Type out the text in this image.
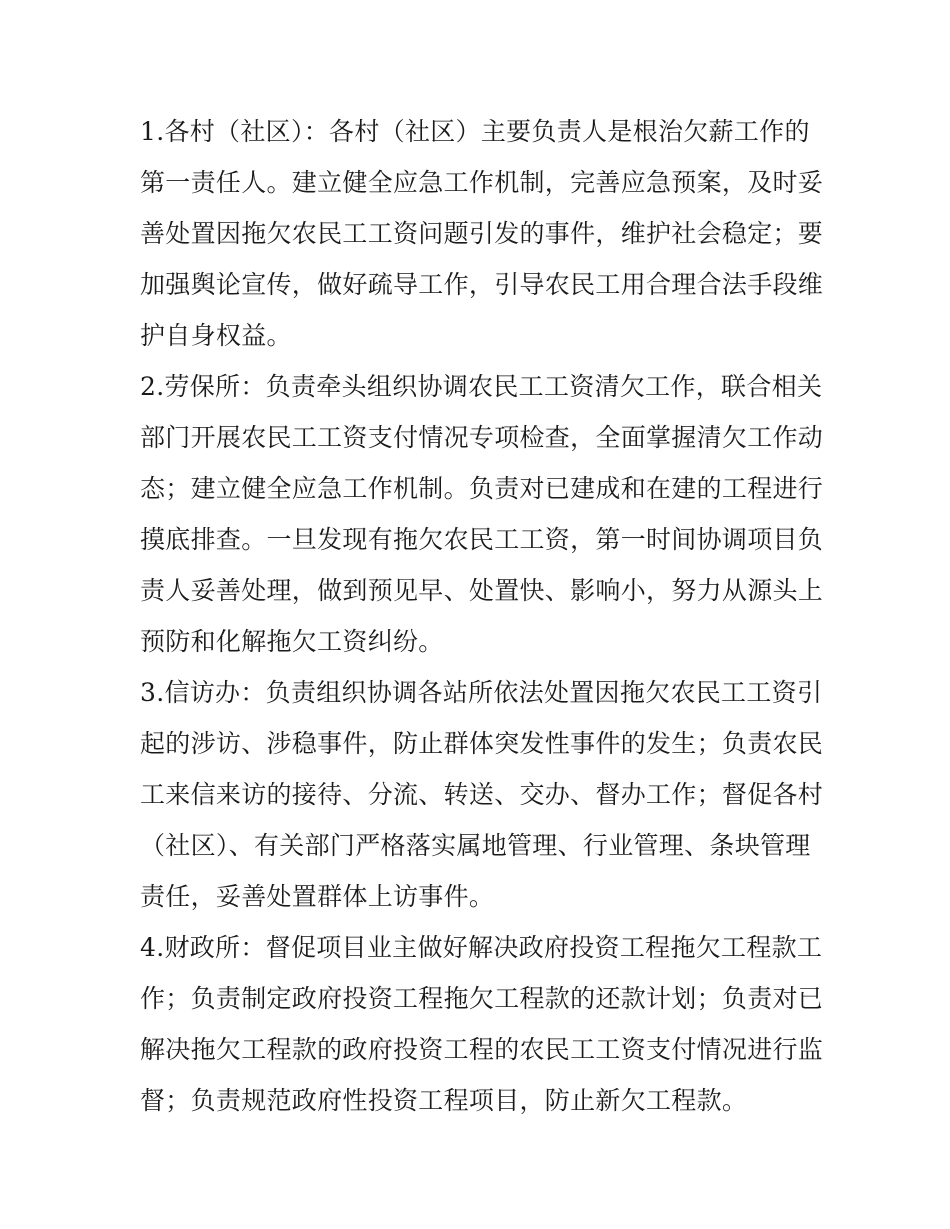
1.各村（社区）：各村（社区）主要负责人是根治欠薪工作的
第一责任人。建立健全应急工作机制，完善应急预案，及时妥
善处置因拖欠农民工工资问题引发的事件，维护社会稳定；要
加强舆论宣传，做好疏导工作，引导农民工用合理合法手段维
护自身权益。
2.劳保所：负责牵头组织协调农民工工资清欠工作，联合相关
部门开展农民工工资支付情况专项检查，全面掌握清欠工作动
态；建立健全应急工作机制。负责对已建成和在建的工程进行
摸底排查。一旦发现有拖欠农民工工资，第一时间协调项目负
责人妥善处理，做到预见早、处置快、影响小，努力从源头上
预防和化解拖欠工资纠纷。
3.信访办：负责组织协调各站所依法处置因拖欠农民工工资引
起的涉访、涉稳事件，防止群体突发性事件的发生；负责农民
工来信来访的接待、分流、转送、交办、督办工作；督促各村
（社区）、有关部门严格落实属地管理、行业管理、条块管理
责任，妥善处置群体上访事件。
4.财政所：督促项目业主做好解决政府投资工程拖欠工程款工
作；负责制定政府投资工程拖欠工程款的还款计划；负责对已
解决拖欠工程款的政府投资工程的农民工工资支付情况进行监
督；负责规范政府性投资工程项目，防止新欠工程款。
